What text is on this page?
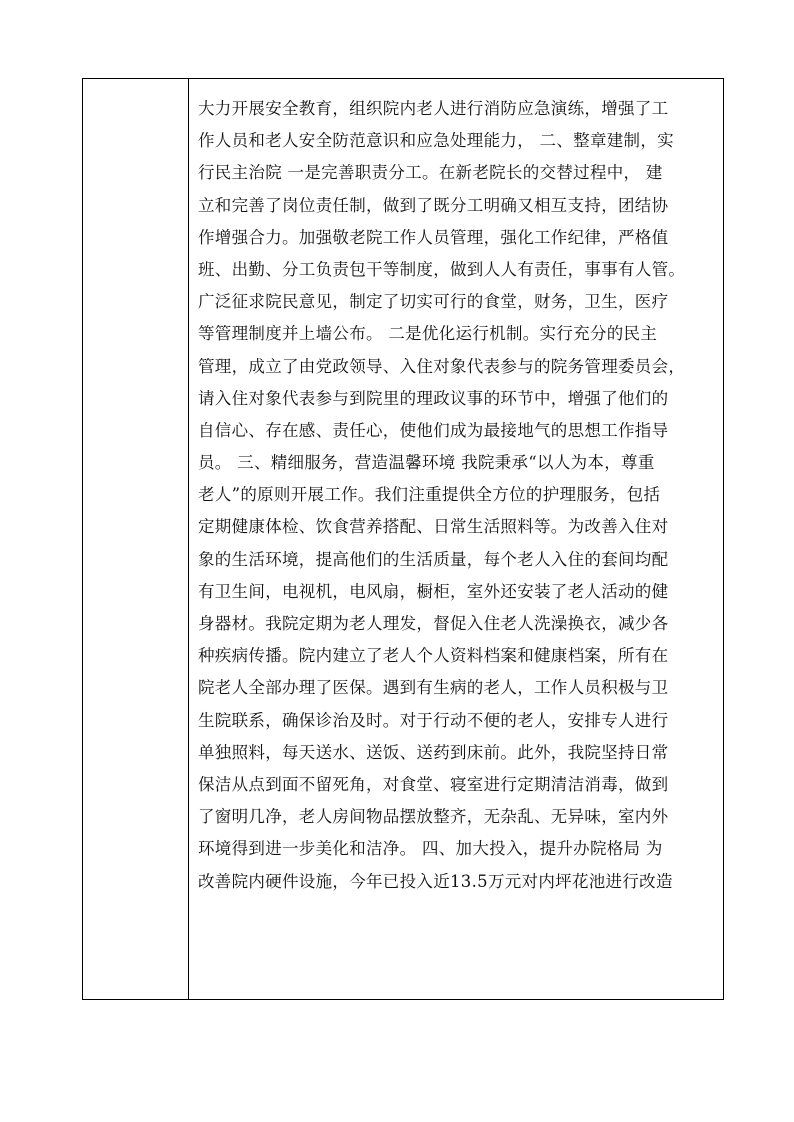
大力开展安全教育，组织院内老人进行消防应急演练，增强了工
作人员和老人安全防范意识和应急处理能力， 二、整章建制，实
行民主治院 一是完善职责分工。在新老院长的交替过程中， 建
立和完善了岗位责任制，做到了既分工明确又相互支持，团结协
作增强合力。加强敬老院工作人员管理，强化工作纪律，严格值
班、出勤、分工负责包干等制度，做到人人有责任，事事有人管。
广泛征求院民意见，制定了切实可行的食堂，财务，卫生，医疗
等管理制度并上墙公布。 二是优化运行机制。实行充分的民主
管理，成立了由党政领导、入住对象代表参与的院务管理委员会，
请入住对象代表参与到院里的理政议事的环节中，增强了他们的
自信心、存在感、责任心，使他们成为最接地气的思想工作指导
员。 三、精细服务，营造温馨环境 我院秉承“以人为本，尊重
老人”的原则开展工作。我们注重提供全方位的护理服务，包括
定期健康体检、饮食营养搭配、日常生活照料等。为改善入住对
象的生活环境，提高他们的生活质量，每个老人入住的套间均配
有卫生间，电视机，电风扇，橱柜，室外还安装了老人活动的健
身器材。我院定期为老人理发，督促入住老人洗澡换衣，减少各
种疾病传播。院内建立了老人个人资料档案和健康档案，所有在
院老人全部办理了医保。遇到有生病的老人，工作人员积极与卫
生院联系，确保诊治及时。对于行动不便的老人，安排专人进行
单独照料，每天送水、送饭、送药到床前。此外，我院坚持日常
保洁从点到面不留死角，对食堂、寝室进行定期清洁消毒，做到
了窗明几净，老人房间物品摆放整齐，无杂乱、无异味，室内外
环境得到进一步美化和洁净。 四、加大投入，提升办院格局 为
改善院内硬件设施，今年已投入近13.5万元对内坪花池进行改造
